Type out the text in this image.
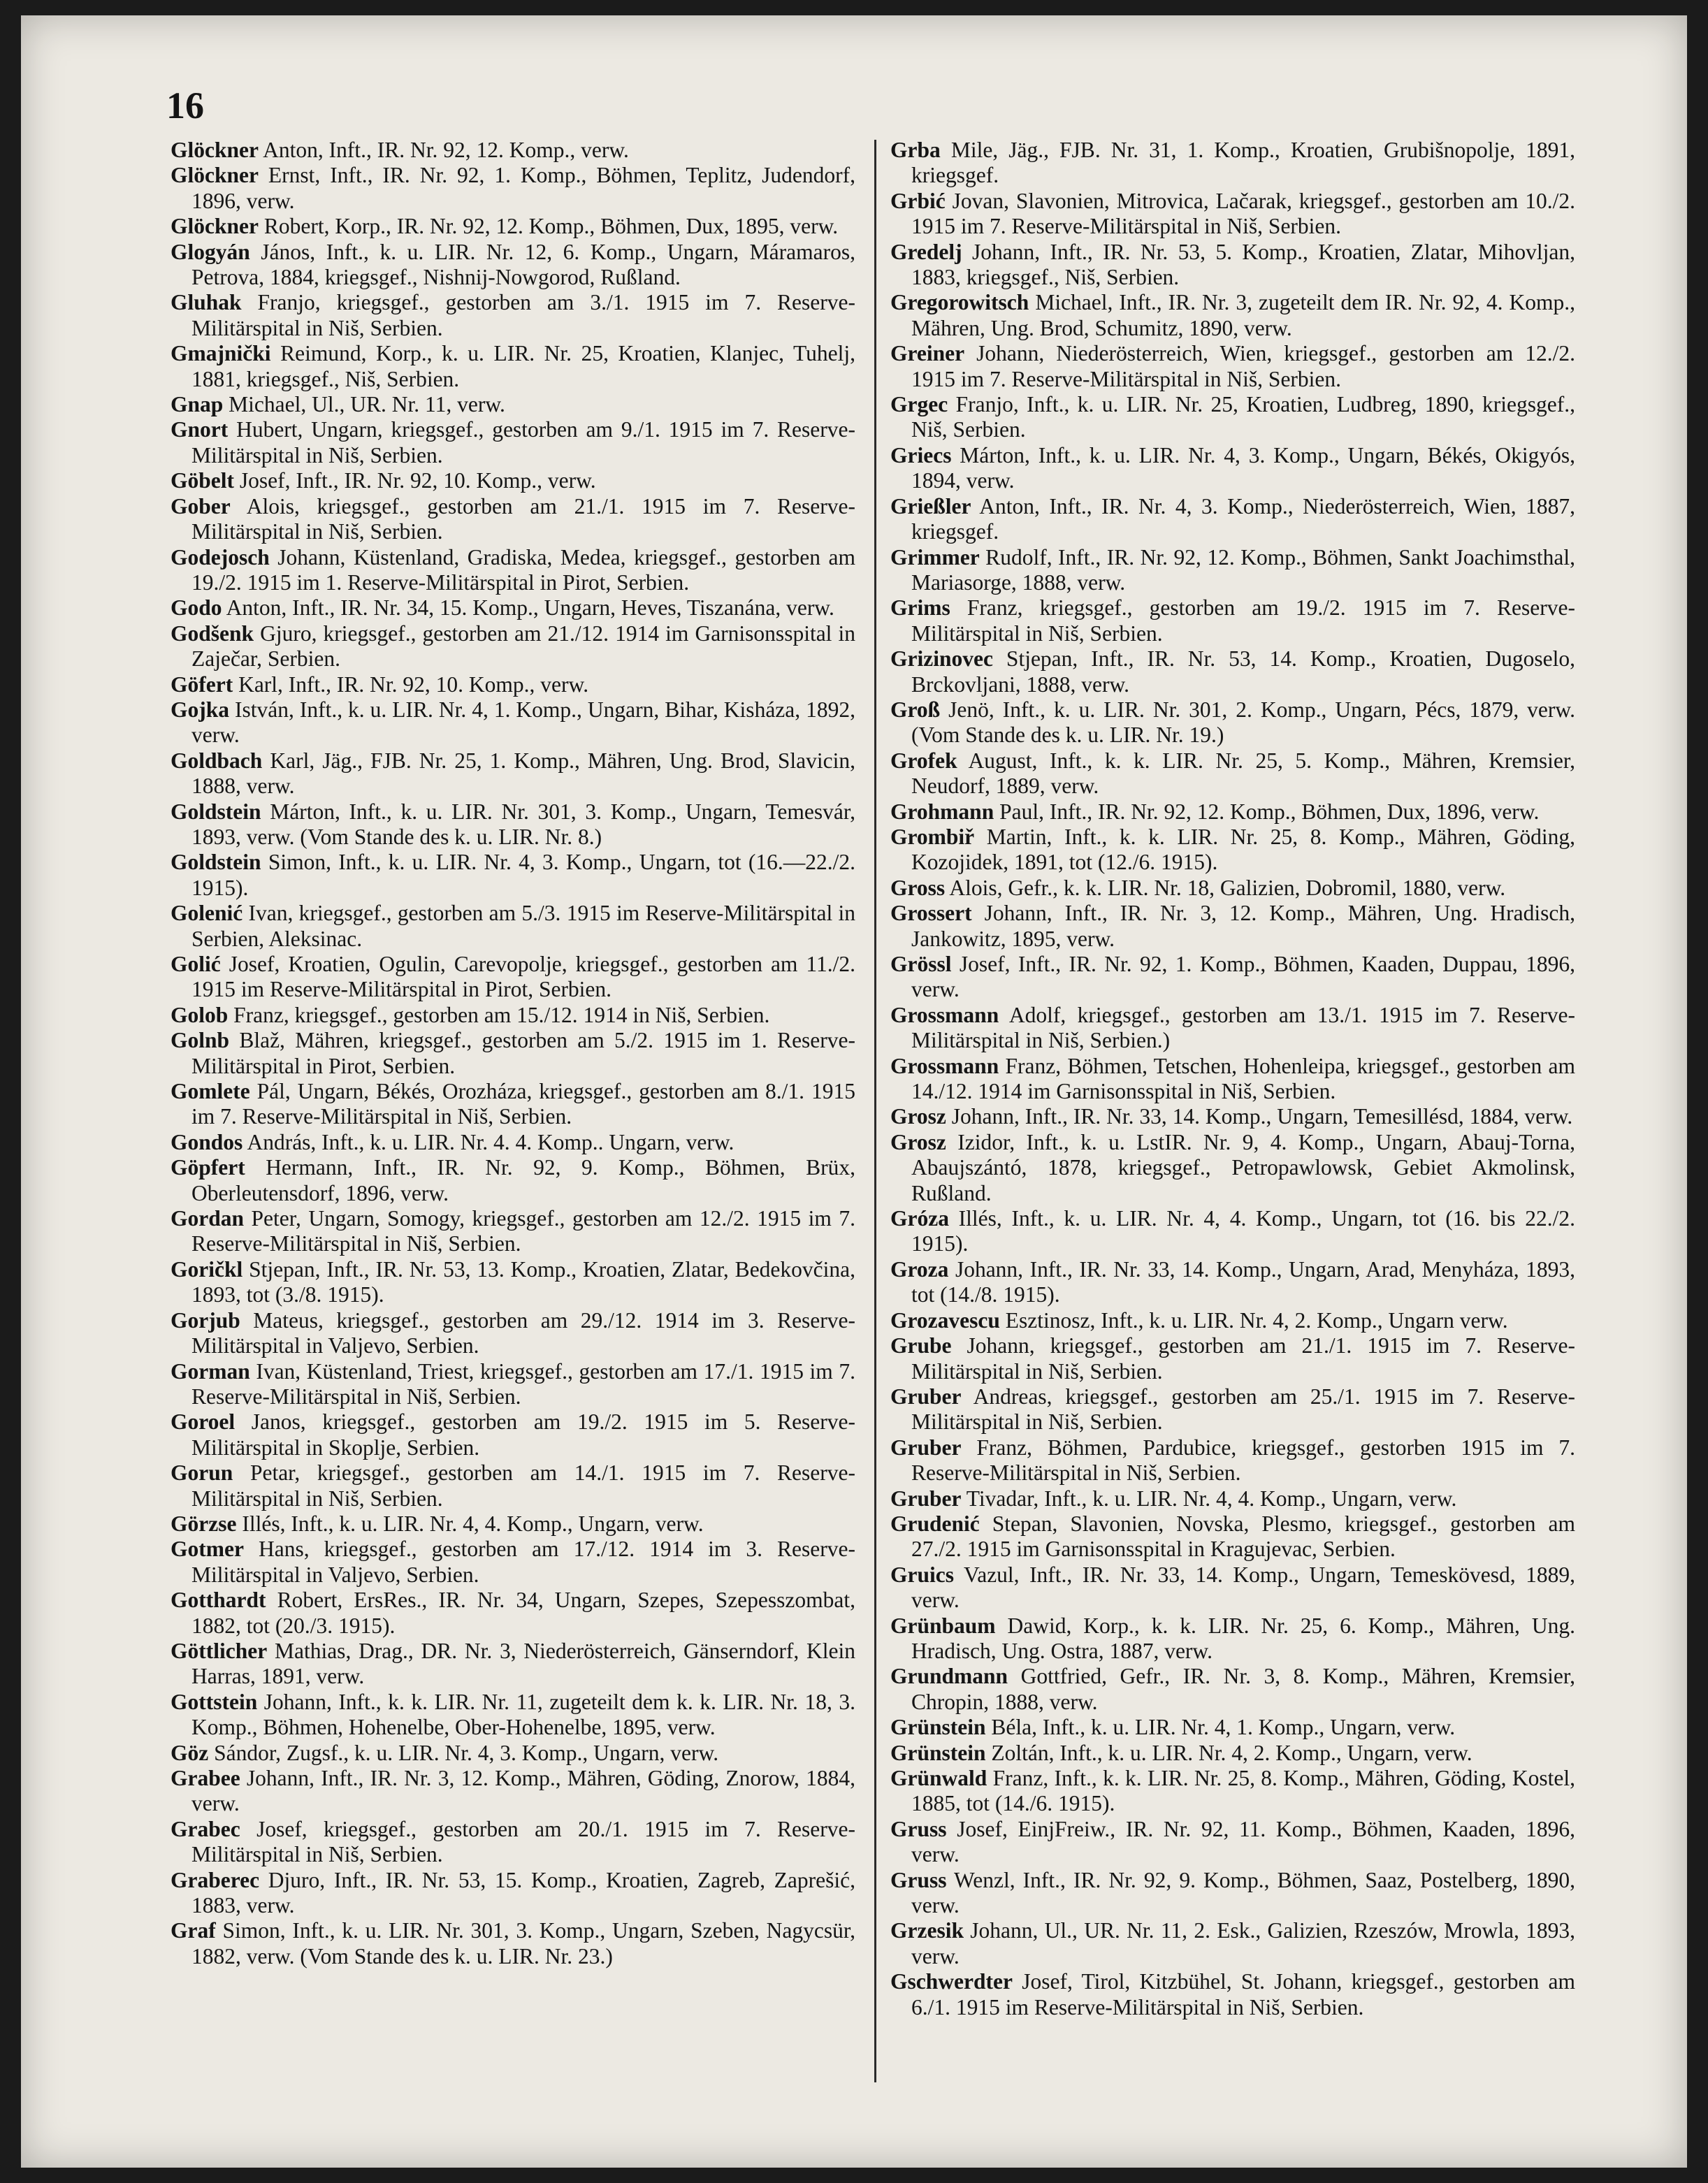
16

Glöckner Anton, Inft., IR. Nr. 92, 12. Komp., verw.

Glöckner Ernst, Inft., IR. Nr. 92, 1. Komp., Böhmen, Teplitz, Judendorf, 1896, verw.

Glöckner Robert, Korp., IR. Nr. 92, 12. Komp., Böhmen, Dux, 1895, verw.

Glogyán János, Inft., k. u. LIR. Nr. 12, 6. Komp., Ungarn, Máramaros, Petrova, 1884, kriegsgef., Nishnij-Nowgorod, Rußland.

Gluhak Franjo, kriegsgef., gestorben am 3./1. 1915 im 7. Reserve-Militärspital in Niš, Serbien.

Gmajnički Reimund, Korp., k. u. LIR. Nr. 25, Kroatien, Klanjec, Tuhelj, 1881, kriegsgef., Niš, Serbien.

Gnap Michael, Ul., UR. Nr. 11, verw.

Gnort Hubert, Ungarn, kriegsgef., gestorben am 9./1. 1915 im 7. Reserve-Militärspital in Niš, Serbien.

Göbelt Josef, Inft., IR. Nr. 92, 10. Komp., verw.

Gober Alois, kriegsgef., gestorben am 21./1. 1915 im 7. Reserve-Militärspital in Niš, Serbien.

Godejosch Johann, Küstenland, Gradiska, Medea, kriegsgef., gestorben am 19./2. 1915 im 1. Reserve-Militärspital in Pirot, Serbien.

Godo Anton, Inft., IR. Nr. 34, 15. Komp., Ungarn, Heves, Tiszanána, verw.

Godšenk Gjuro, kriegsgef., gestorben am 21./12. 1914 im Garnisonsspital in Zaječar, Serbien.

Göfert Karl, Inft., IR. Nr. 92, 10. Komp., verw.

Gojka István, Inft., k. u. LIR. Nr. 4, 1. Komp., Ungarn, Bihar, Kisháza, 1892, verw.

Goldbach Karl, Jäg., FJB. Nr. 25, 1. Komp., Mähren, Ung. Brod, Slavicin, 1888, verw.

Goldstein Márton, Inft., k. u. LIR. Nr. 301, 3. Komp., Ungarn, Temesvár, 1893, verw. (Vom Stande des k. u. LIR. Nr. 8.)

Goldstein Simon, Inft., k. u. LIR. Nr. 4, 3. Komp., Ungarn, tot (16.—22./2. 1915).

Golenić Ivan, kriegsgef., gestorben am 5./3. 1915 im Reserve-Militärspital in Serbien, Aleksinac.

Golić Josef, Kroatien, Ogulin, Carevopolje, kriegsgef., gestorben am 11./2. 1915 im Reserve-Militärspital in Pirot, Serbien.

Golob Franz, kriegsgef., gestorben am 15./12. 1914 in Niš, Serbien.

Golnb Blaž, Mähren, kriegsgef., gestorben am 5./2. 1915 im 1. Reserve-Militärspital in Pirot, Serbien.

Gomlete Pál, Ungarn, Békés, Orozháza, kriegsgef., gestorben am 8./1. 1915 im 7. Reserve-Militärspital in Niš, Serbien.

Gondos András, Inft., k. u. LIR. Nr. 4. 4. Komp.. Ungarn, verw.

Göpfert Hermann, Inft., IR. Nr. 92, 9. Komp., Böhmen, Brüx, Oberleutensdorf, 1896, verw.

Gordan Peter, Ungarn, Somogy, kriegsgef., gestorben am 12./2. 1915 im 7. Reserve-Militärspital in Niš, Serbien.

Goričkl Stjepan, Inft., IR. Nr. 53, 13. Komp., Kroatien, Zlatar, Bedekovčina, 1893, tot (3./8. 1915).

Gorjub Mateus, kriegsgef., gestorben am 29./12. 1914 im 3. Reserve-Militärspital in Valjevo, Serbien.

Gorman Ivan, Küstenland, Triest, kriegsgef., gestorben am 17./1. 1915 im 7. Reserve-Militärspital in Niš, Serbien.

Goroel Janos, kriegsgef., gestorben am 19./2. 1915 im 5. Reserve-Militärspital in Skoplje, Serbien.

Gorun Petar, kriegsgef., gestorben am 14./1. 1915 im 7. Reserve-Militärspital in Niš, Serbien.

Görzse Illés, Inft., k. u. LIR. Nr. 4, 4. Komp., Ungarn, verw.

Gotmer Hans, kriegsgef., gestorben am 17./12. 1914 im 3. Reserve-Militärspital in Valjevo, Serbien.

Gotthardt Robert, ErsRes., IR. Nr. 34, Ungarn, Szepes, Szepesszombat, 1882, tot (20./3. 1915).

Göttlicher Mathias, Drag., DR. Nr. 3, Niederösterreich, Gänserndorf, Klein Harras, 1891, verw.

Gottstein Johann, Inft., k. k. LIR. Nr. 11, zugeteilt dem k. k. LIR. Nr. 18, 3. Komp., Böhmen, Hohenelbe, Ober-Hohenelbe, 1895, verw.

Göz Sándor, Zugsf., k. u. LIR. Nr. 4, 3. Komp., Ungarn, verw.

Grabee Johann, Inft., IR. Nr. 3, 12. Komp., Mähren, Göding, Znorow, 1884, verw.

Grabec Josef, kriegsgef., gestorben am 20./1. 1915 im 7. Reserve-Militärspital in Niš, Serbien.

Graberec Djuro, Inft., IR. Nr. 53, 15. Komp., Kroatien, Zagreb, Zaprešić, 1883, verw.

Graf Simon, Inft., k. u. LIR. Nr. 301, 3. Komp., Ungarn, Szeben, Nagycsür, 1882, verw. (Vom Stande des k. u. LIR. Nr. 23.)

Grba Mile, Jäg., FJB. Nr. 31, 1. Komp., Kroatien, Grubišnopolje, 1891, kriegsgef.

Grbić Jovan, Slavonien, Mitrovica, Lačarak, kriegsgef., gestorben am 10./2. 1915 im 7. Reserve-Militärspital in Niš, Serbien.

Gredelj Johann, Inft., IR. Nr. 53, 5. Komp., Kroatien, Zlatar, Mihovljan, 1883, kriegsgef., Niš, Serbien.

Gregorowitsch Michael, Inft., IR. Nr. 3, zugeteilt dem IR. Nr. 92, 4. Komp., Mähren, Ung. Brod, Schumitz, 1890, verw.

Greiner Johann, Niederösterreich, Wien, kriegsgef., gestorben am 12./2. 1915 im 7. Reserve-Militärspital in Niš, Serbien.

Grgec Franjo, Inft., k. u. LIR. Nr. 25, Kroatien, Ludbreg, 1890, kriegsgef., Niš, Serbien.

Griecs Márton, Inft., k. u. LIR. Nr. 4, 3. Komp., Ungarn, Békés, Okigyós, 1894, verw.

Grießler Anton, Inft., IR. Nr. 4, 3. Komp., Niederösterreich, Wien, 1887, kriegsgef.

Grimmer Rudolf, Inft., IR. Nr. 92, 12. Komp., Böhmen, Sankt Joachimsthal, Mariasorge, 1888, verw.

Grims Franz, kriegsgef., gestorben am 19./2. 1915 im 7. Reserve-Militärspital in Niš, Serbien.

Grizinovec Stjepan, Inft., IR. Nr. 53, 14. Komp., Kroatien, Dugoselo, Brckovljani, 1888, verw.

Groß Jenö, Inft., k. u. LIR. Nr. 301, 2. Komp., Ungarn, Pécs, 1879, verw. (Vom Stande des k. u. LIR. Nr. 19.)

Grofek August, Inft., k. k. LIR. Nr. 25, 5. Komp., Mähren, Kremsier, Neudorf, 1889, verw.

Grohmann Paul, Inft., IR. Nr. 92, 12. Komp., Böhmen, Dux, 1896, verw.

Grombiř Martin, Inft., k. k. LIR. Nr. 25, 8. Komp., Mähren, Göding, Kozojidek, 1891, tot (12./6. 1915).

Gross Alois, Gefr., k. k. LIR. Nr. 18, Galizien, Dobromil, 1880, verw.

Grossert Johann, Inft., IR. Nr. 3, 12. Komp., Mähren, Ung. Hradisch, Jankowitz, 1895, verw.

Grössl Josef, Inft., IR. Nr. 92, 1. Komp., Böhmen, Kaaden, Duppau, 1896, verw.

Grossmann Adolf, kriegsgef., gestorben am 13./1. 1915 im 7. Reserve-Militärspital in Niš, Serbien.)

Grossmann Franz, Böhmen, Tetschen, Hohenleipa, kriegsgef., gestorben am 14./12. 1914 im Garnisonsspital in Niš, Serbien.

Grosz Johann, Inft., IR. Nr. 33, 14. Komp., Ungarn, Temesillésd, 1884, verw.

Grosz Izidor, Inft., k. u. LstIR. Nr. 9, 4. Komp., Ungarn, Abauj-Torna, Abaujszántó, 1878, kriegsgef., Petropawlowsk, Gebiet Akmolinsk, Rußland.

Gróza Illés, Inft., k. u. LIR. Nr. 4, 4. Komp., Ungarn, tot (16. bis 22./2. 1915).

Groza Johann, Inft., IR. Nr. 33, 14. Komp., Ungarn, Arad, Menyháza, 1893, tot (14./8. 1915).

Grozavescu Esztinosz, Inft., k. u. LIR. Nr. 4, 2. Komp., Ungarn verw.

Grube Johann, kriegsgef., gestorben am 21./1. 1915 im 7. Reserve-Militärspital in Niš, Serbien.

Gruber Andreas, kriegsgef., gestorben am 25./1. 1915 im 7. Reserve-Militärspital in Niš, Serbien.

Gruber Franz, Böhmen, Pardubice, kriegsgef., gestorben 1915 im 7. Reserve-Militärspital in Niš, Serbien.

Gruber Tivadar, Inft., k. u. LIR. Nr. 4, 4. Komp., Ungarn, verw.

Grudenić Stepan, Slavonien, Novska, Plesmo, kriegsgef., gestorben am 27./2. 1915 im Garnisonsspital in Kragujevac, Serbien.

Gruics Vazul, Inft., IR. Nr. 33, 14. Komp., Ungarn, Temeskövesd, 1889, verw.

Grünbaum Dawid, Korp., k. k. LIR. Nr. 25, 6. Komp., Mähren, Ung. Hradisch, Ung. Ostra, 1887, verw.

Grundmann Gottfried, Gefr., IR. Nr. 3, 8. Komp., Mähren, Kremsier, Chropin, 1888, verw.

Grünstein Béla, Inft., k. u. LIR. Nr. 4, 1. Komp., Ungarn, verw.

Grünstein Zoltán, Inft., k. u. LIR. Nr. 4, 2. Komp., Ungarn, verw.

Grünwald Franz, Inft., k. k. LIR. Nr. 25, 8. Komp., Mähren, Göding, Kostel, 1885, tot (14./6. 1915).

Gruss Josef, EinjFreiw., IR. Nr. 92, 11. Komp., Böhmen, Kaaden, 1896, verw.

Gruss Wenzl, Inft., IR. Nr. 92, 9. Komp., Böhmen, Saaz, Postelberg, 1890, verw.

Grzesik Johann, Ul., UR. Nr. 11, 2. Esk., Galizien, Rzeszów, Mrowla, 1893, verw.

Gschwerdter Josef, Tirol, Kitzbühel, St. Johann, kriegsgef., gestorben am 6./1. 1915 im Reserve-Militärspital in Niš, Serbien.
